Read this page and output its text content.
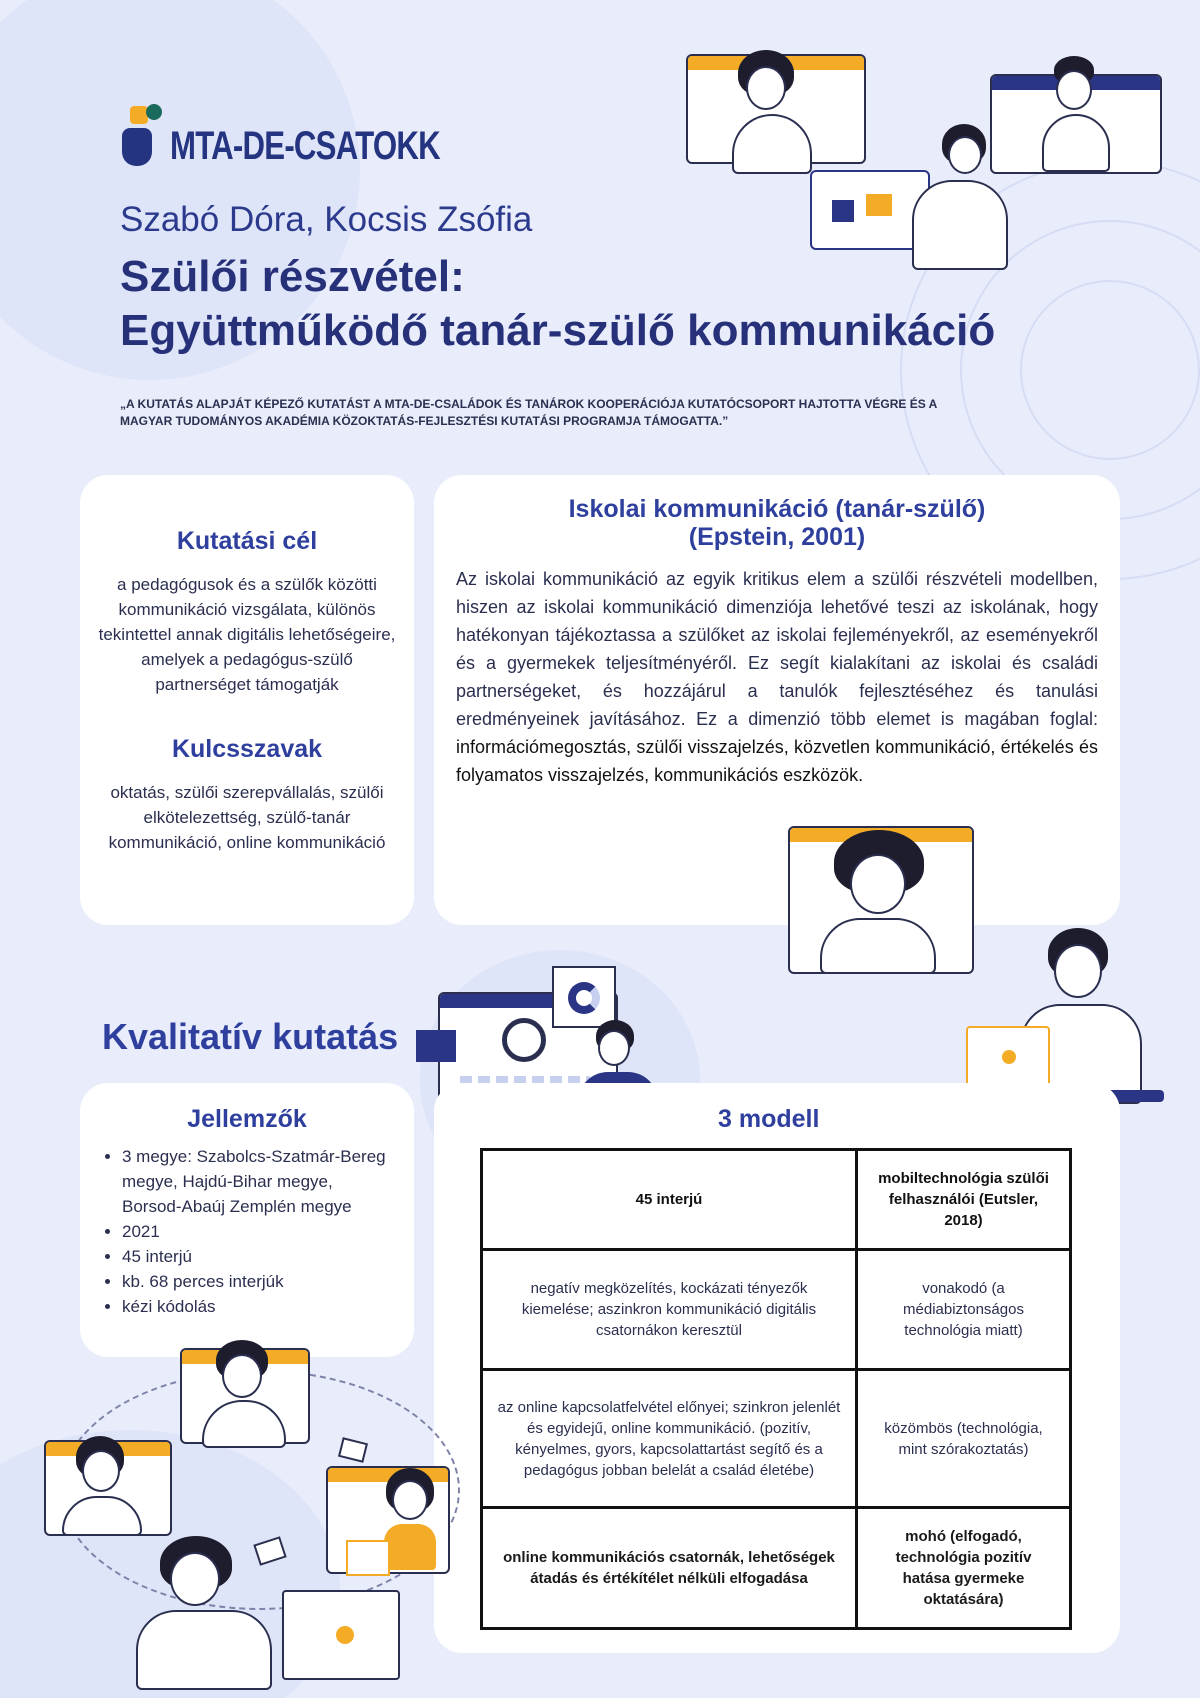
MTA-DE-CSATOKK
Szabó Dóra, Kocsis Zsófia
Szülői részvétel:
Együttműködő tanár-szülő kommunikáció
„A KUTATÁS ALAPJÁT KÉPEZŐ KUTATÁST A MTA-DE-CSALÁDOK ÉS TANÁROK KOOPERÁCIÓJA KUTATÓCSOPORT HAJTOTTA VÉGRE ÉS A MAGYAR TUDOMÁNYOS AKADÉMIA KÖZOKTATÁS-FEJLESZTÉSI KUTATÁSI PROGRAMJA TÁMOGATTA.”
Kutatási cél

a pedagógusok és a szülők közötti kommunikáció vizsgálata, különös tekintettel annak digitális lehetőségeire, amelyek a pedagógus-szülő partnerséget támogatják

Kulcsszavak

oktatás, szülői szerepvállalás, szülői elkötelezettség, szülő-tanár kommunikáció, online kommunikáció

Iskolai kommunikáció (tanár-szülő)
(Epstein, 2001)
Az iskolai kommunikáció az egyik kritikus elem a szülői részvételi modellben, hiszen az iskolai kommunikáció dimenziója lehetővé teszi az iskolának, hogy hatékonyan tájékoztassa a szülőket az iskolai fejleményekről, az eseményekről és a gyermekek teljesítményéről. Ez segít kialakítani az iskolai és családi partnerségeket, és hozzájárul a tanulók fejlesztéséhez és tanulási eredményeinek javításához. Ez a dimenzió több elemet is magában foglal: információmegosztás, szülői visszajelzés, közvetlen kommunikáció, értékelés és folyamatos visszajelzés, kommunikációs eszközök.
Kvalitatív kutatás
Jellemzők
• 3 megye: Szabolcs-Szatmár-Bereg megye, Hajdú-Bihar megye, Borsod-Abaúj Zemplén megye
• 2021
• 45 interjú
• kb. 68 perces interjúk
• kézi kódolás
3 modell
45 interjú	mobiltechnológia szülői felhasználói (Eutsler, 2018)
negatív megközelítés, kockázati tényezők kiemelése; aszinkron kommunikáció digitális csatornákon keresztül	vonakodó (a médiabiztonságos technológia miatt)
az online kapcsolatfelvétel előnyei; szinkron jelenlét és egyidejű, online kommunikáció. (pozitív, kényelmes, gyors, kapcsolattartást segítő és a pedagógus jobban belelát a család életébe)	közömbös (technológia, mint szórakoztatás)
online kommunikációs csatornák, lehetőségek átadás és értékítélet nélküli elfogadása	mohó (elfogadó, technológia pozitív hatása gyermeke oktatására)
